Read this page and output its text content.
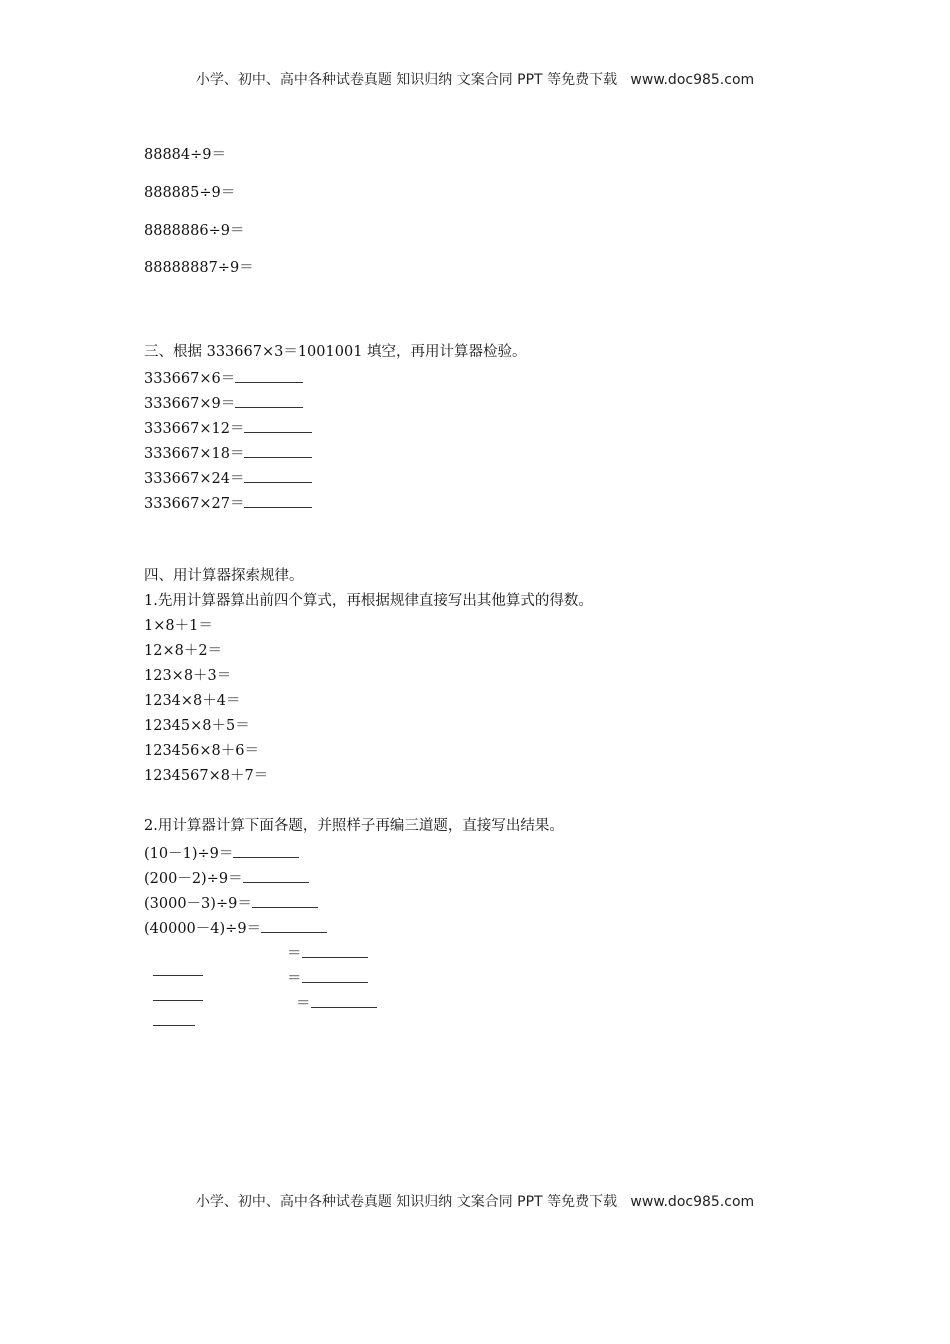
小学、初中、高中各种试卷真题 知识归纳 文案合同 PPT 等免费下载   www.doc985.com
88884÷9＝
888885÷9＝
8888886÷9＝
88888887÷9＝
三、根据 333667×3＝1001001 填空，再用计算器检验。
333667×6＝
333667×9＝
333667×12＝
333667×18＝
333667×24＝
333667×27＝
四、用计算器探索规律。
1.先用计算器算出前四个算式，再根据规律直接写出其他算式的得数。
1×8＋1＝
12×8＋2＝
123×8＋3＝
1234×8＋4＝
12345×8＋5＝
123456×8＋6＝
1234567×8＋7＝
2.用计算器计算下面各题，并照样子再编三道题，直接写出结果。
(10－1)÷9＝
(200－2)÷9＝
(3000－3)÷9＝
(40000－4)÷9＝

＝

＝

＝
小学、初中、高中各种试卷真题 知识归纳 文案合同 PPT 等免费下载   www.doc985.com
